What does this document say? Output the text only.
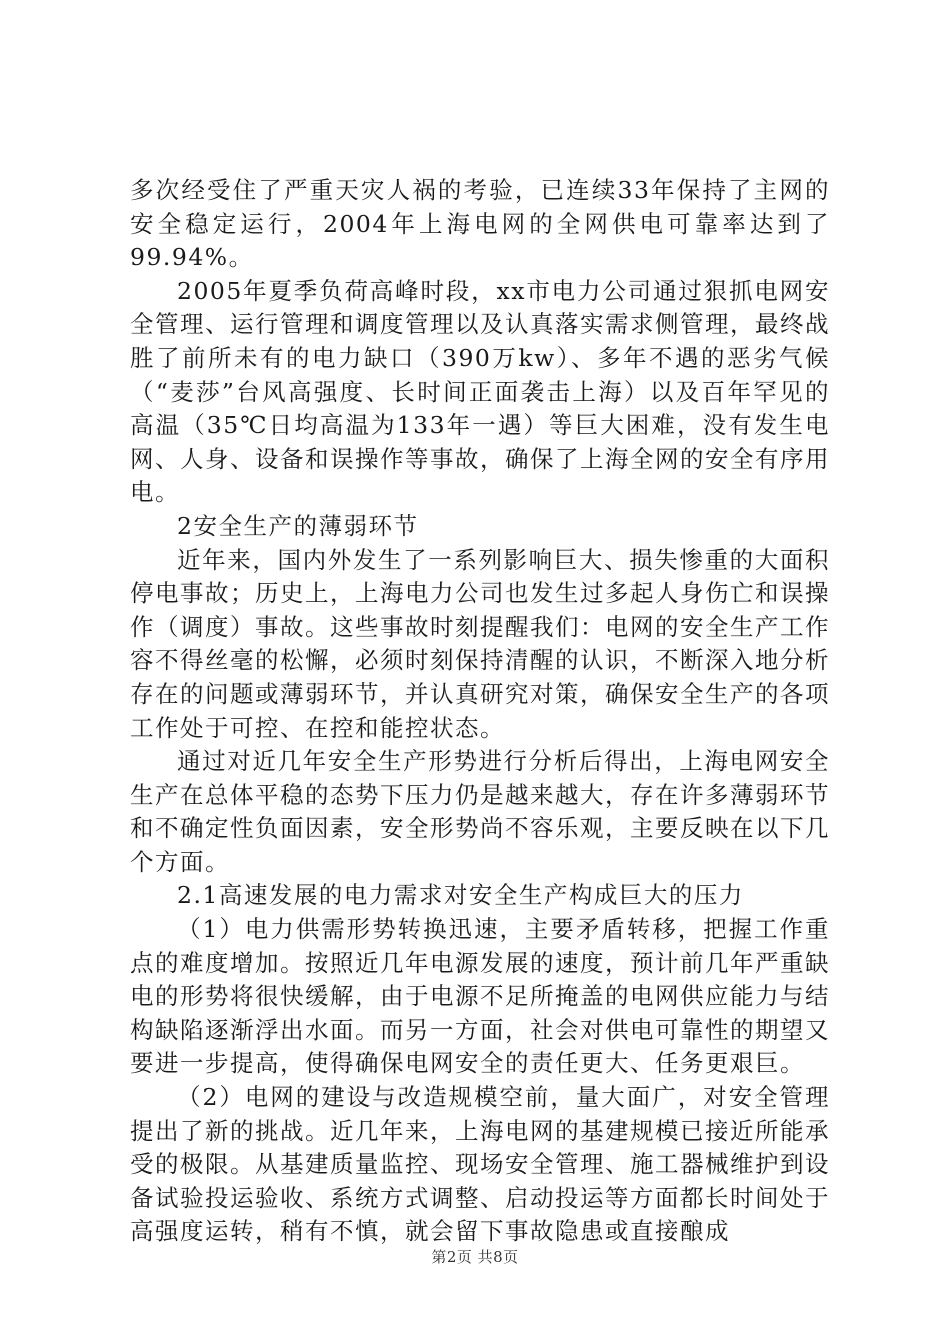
多次经受住了严重天灾人祸的考验，已连续33年保持了主网的安全稳定运行，2004年上海电网的全网供电可靠率达到了99.94%。

2005年夏季负荷高峰时段，xx市电力公司通过狠抓电网安全管理、运行管理和调度管理以及认真落实需求侧管理，最终战胜了前所未有的电力缺口（390万kw）、多年不遇的恶劣气候（“麦莎”台风高强度、长时间正面袭击上海）以及百年罕见的高温（35℃日均高温为133年一遇）等巨大困难，没有发生电网、人身、设备和误操作等事故，确保了上海全网的安全有序用电。

2安全生产的薄弱环节

近年来，国内外发生了一系列影响巨大、损失惨重的大面积停电事故；历史上，上海电力公司也发生过多起人身伤亡和误操作（调度）事故。这些事故时刻提醒我们：电网的安全生产工作容不得丝毫的松懈，必须时刻保持清醒的认识，不断深入地分析存在的问题或薄弱环节，并认真研究对策，确保安全生产的各项工作处于可控、在控和能控状态。

通过对近几年安全生产形势进行分析后得出，上海电网安全生产在总体平稳的态势下压力仍是越来越大，存在许多薄弱环节和不确定性负面因素，安全形势尚不容乐观，主要反映在以下几个方面。

2.1高速发展的电力需求对安全生产构成巨大的压力

（1）电力供需形势转换迅速，主要矛盾转移，把握工作重点的难度增加。按照近几年电源发展的速度，预计前几年严重缺电的形势将很快缓解，由于电源不足所掩盖的电网供应能力与结构缺陷逐渐浮出水面。而另一方面，社会对供电可靠性的期望又要进一步提高，使得确保电网安全的责任更大、任务更艰巨。

（2）电网的建设与改造规模空前，量大面广，对安全管理提出了新的挑战。近几年来，上海电网的基建规模已接近所能承受的极限。从基建质量监控、现场安全管理、施工器械维护到设备试验投运验收、系统方式调整、启动投运等方面都长时间处于高强度运转，稍有不慎，就会留下事故隐患或直接酿成

第2页 共8页
